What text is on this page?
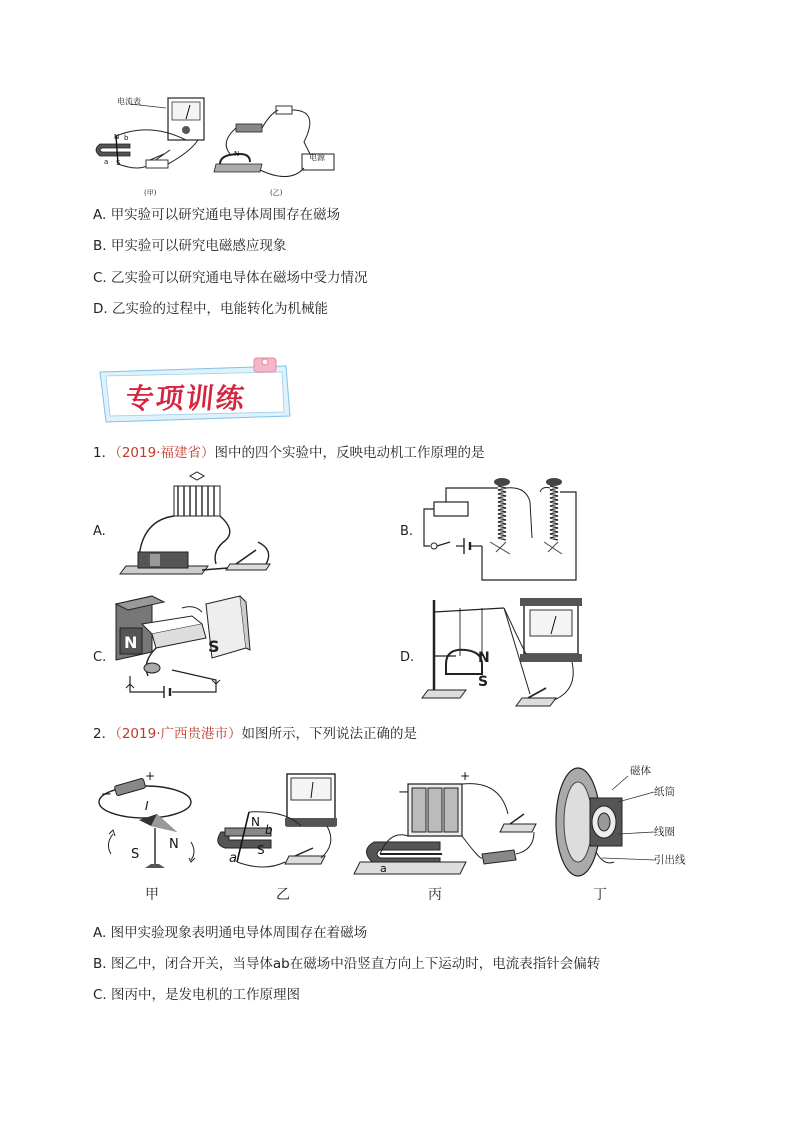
N b
a S
N
电流表
电源
(甲)	(乙)
A. 甲实验可以研究通电导体周围存在磁场
B. 甲实验可以研究电磁感应现象
C. 乙实验可以研究通电导体在磁场中受力情况
D. 乙实验的过程中，电能转化为机械能
专项训练
1．（2019·福建省）图中的四个实验中，反映电动机工作原理的是
A.	B.
C.	D.
N	S
N
S
2．（2019·广西贵港市）如图所示，下列说法正确的是
−
+
I
S
N
N
b
a
S
−
+
a
磁体
纸筒
线圈
引出线
甲	乙	丙	丁
A. 图甲实验现象表明通电导体周围存在着磁场
B. 图乙中，闭合开关，当导体ab在磁场中沿竖直方向上下运动时，电流表指针会偏转
C. 图丙中，是发电机的工作原理图
